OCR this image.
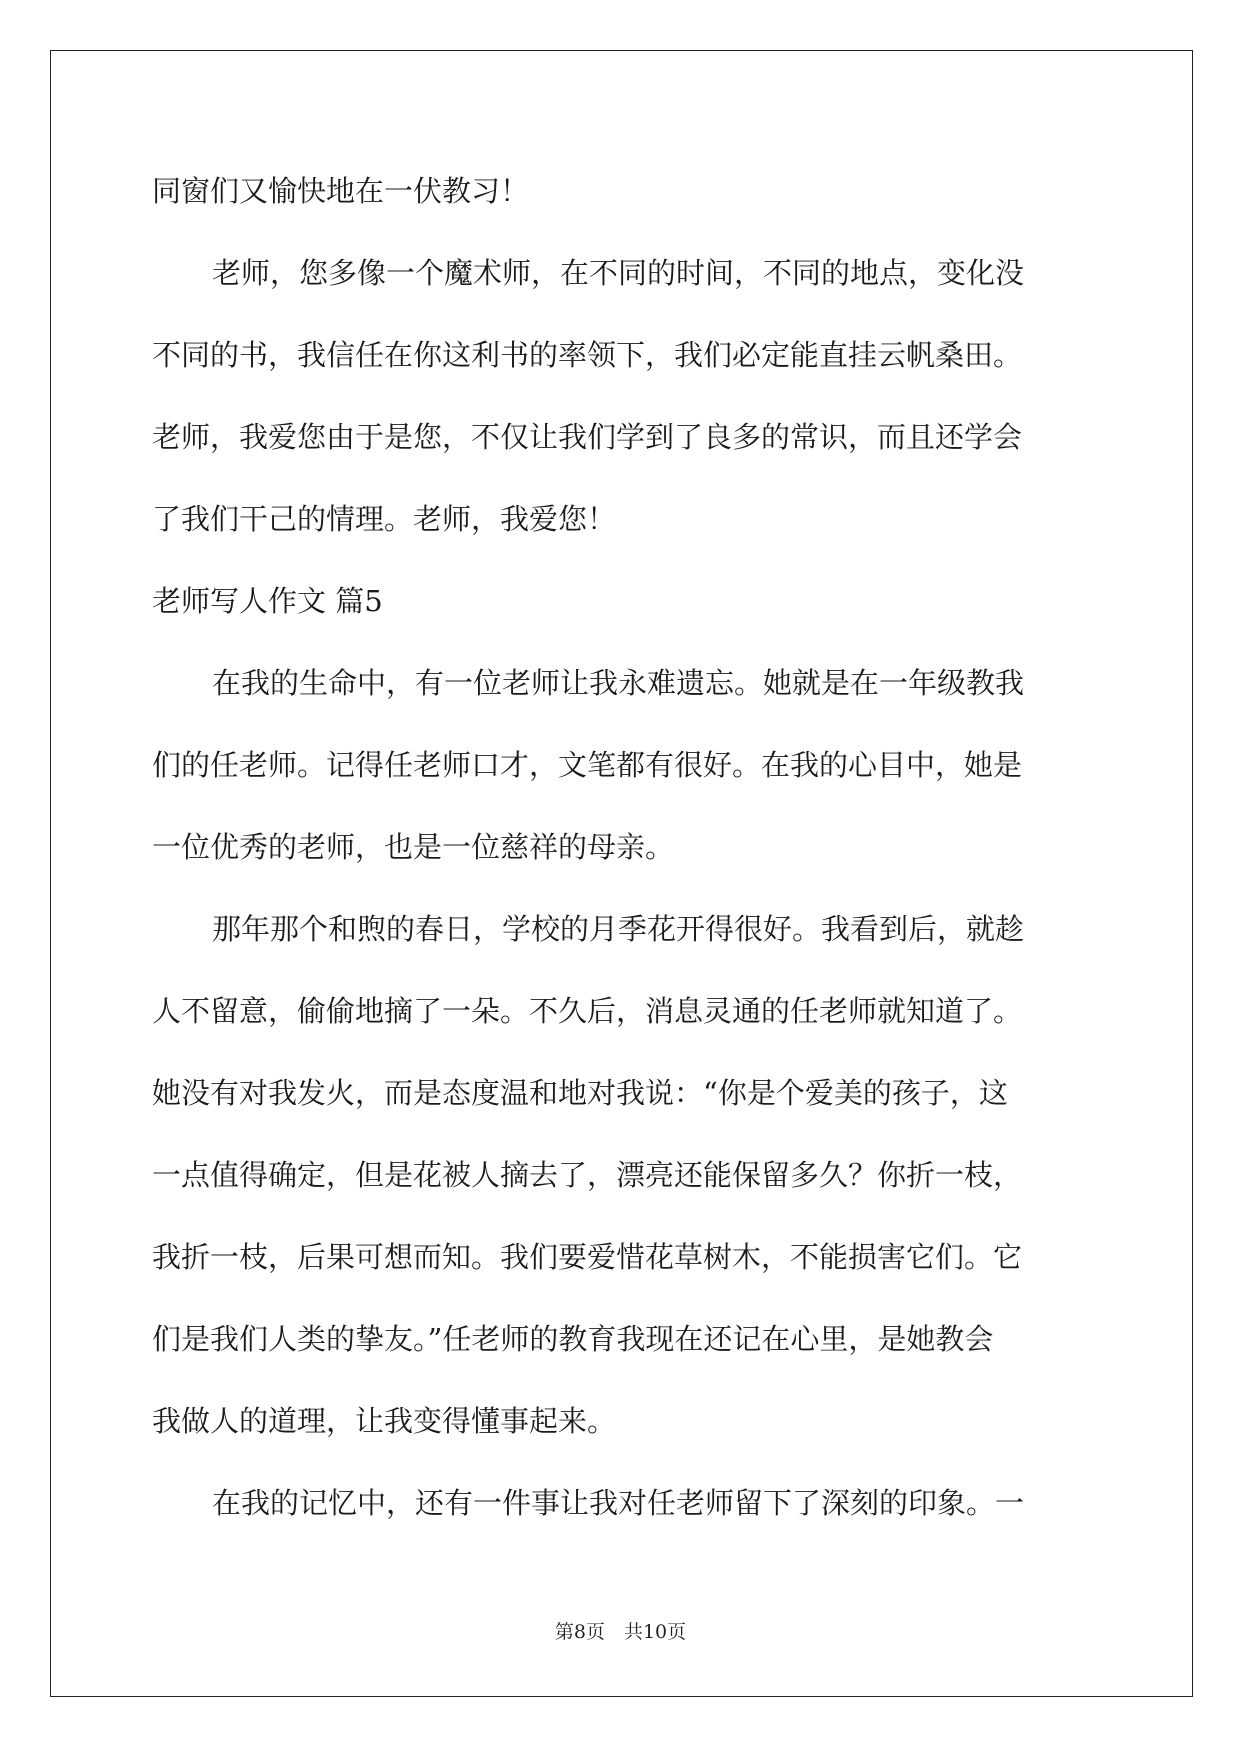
同窗们又愉快地在一伏教习！
老师，您多像一个魔术师，在不同的时间，不同的地点，变化没
不同的书，我信任在你这利书的率领下，我们必定能直挂云帆桑田。
老师，我爱您由于是您，不仅让我们学到了良多的常识，而且还学会
了我们干己的情理。老师，我爱您！
老师写人作文 篇5
在我的生命中，有一位老师让我永难遗忘。她就是在一年级教我
们的任老师。记得任老师口才，文笔都有很好。在我的心目中，她是
一位优秀的老师，也是一位慈祥的母亲。
那年那个和煦的春日，学校的月季花开得很好。我看到后，就趁
人不留意，偷偷地摘了一朵。不久后，消息灵通的任老师就知道了。
她没有对我发火，而是态度温和地对我说：“你是个爱美的孩子，这
一点值得确定，但是花被人摘去了，漂亮还能保留多久？你折一枝，
我折一枝，后果可想而知。我们要爱惜花草树木，不能损害它们。它
们是我们人类的挚友。”任老师的教育我现在还记在心里，是她教会
我做人的道理，让我变得懂事起来。
在我的记忆中，还有一件事让我对任老师留下了深刻的印象。一
第8页　共10页
